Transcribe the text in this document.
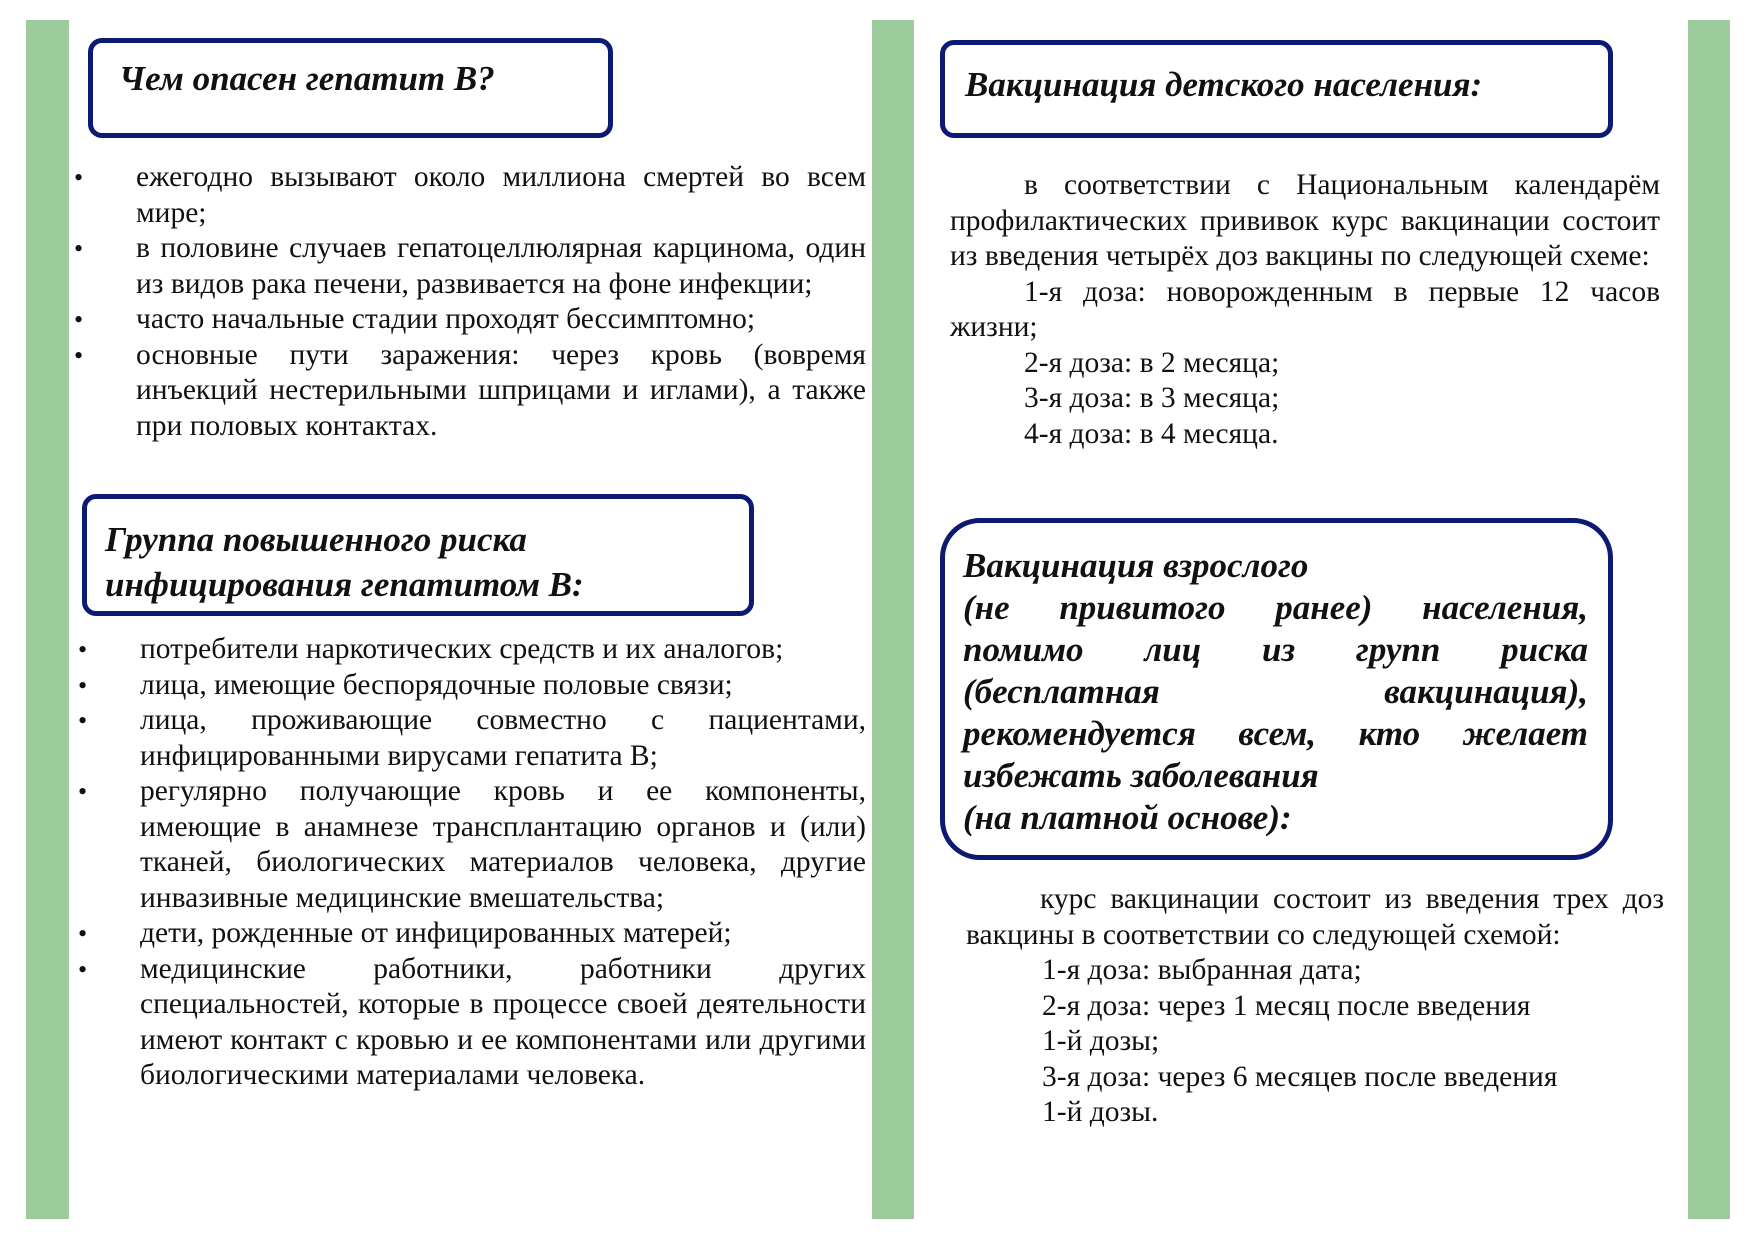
Чем опасен гепатит В?
• ежегодно вызывают около миллиона смертей во всем мире;
• в половине случаев гепатоцеллюлярная карцинома, один из видов рака печени, развивается на фоне инфекции;
• часто начальные стадии проходят бессимптомно;
• основные пути заражения: через кровь (вовремя инъекций нестерильными шприцами и иглами), а также при половых контактах.
Группа повышенного риска
инфицирования гепатитом В:
• потребители наркотических средств и их аналогов;
• лица, имеющие беспорядочные половые связи;
• лица, проживающие совместно с пациентами, инфицированными вирусами гепатита В;
• регулярно получающие кровь и ее компоненты, имеющие в анамнезе трансплантацию органов и (или) тканей, биологических материалов человека, другие инвазивные медицинские вмешательства;
• дети, рожденные от инфицированных матерей;
• медицинские работники, работники других специальностей, которые в процессе своей деятельности имеют контакт с кровью и ее компонентами или другими биологическими материалами человека.
Вакцинация детского населения:

в соответствии с Национальным календарём профилактических прививок курс вакцинации состоит из введения четырёх доз вакцины по следующей схеме:

1-я доза: новорожденным в первые 12 часов жизни;

2-я доза: в 2 месяца;

3-я доза: в 3 месяца;

4-я доза: в 4 месяца.

Вакцинация взрослого
(не привитого ранее) населения,
помимо лиц из групп риска
(бесплатная вакцинация),
рекомендуется всем, кто желает
избежать заболевания
(на платной основе):

курс вакцинации состоит из введения трех доз вакцины в соответствии со следующей схемой:

1-я доза: выбранная дата;

2-я доза: через 1 месяц после введения

1-й дозы;

3-я доза: через 6 месяцев после введения

1-й дозы.
